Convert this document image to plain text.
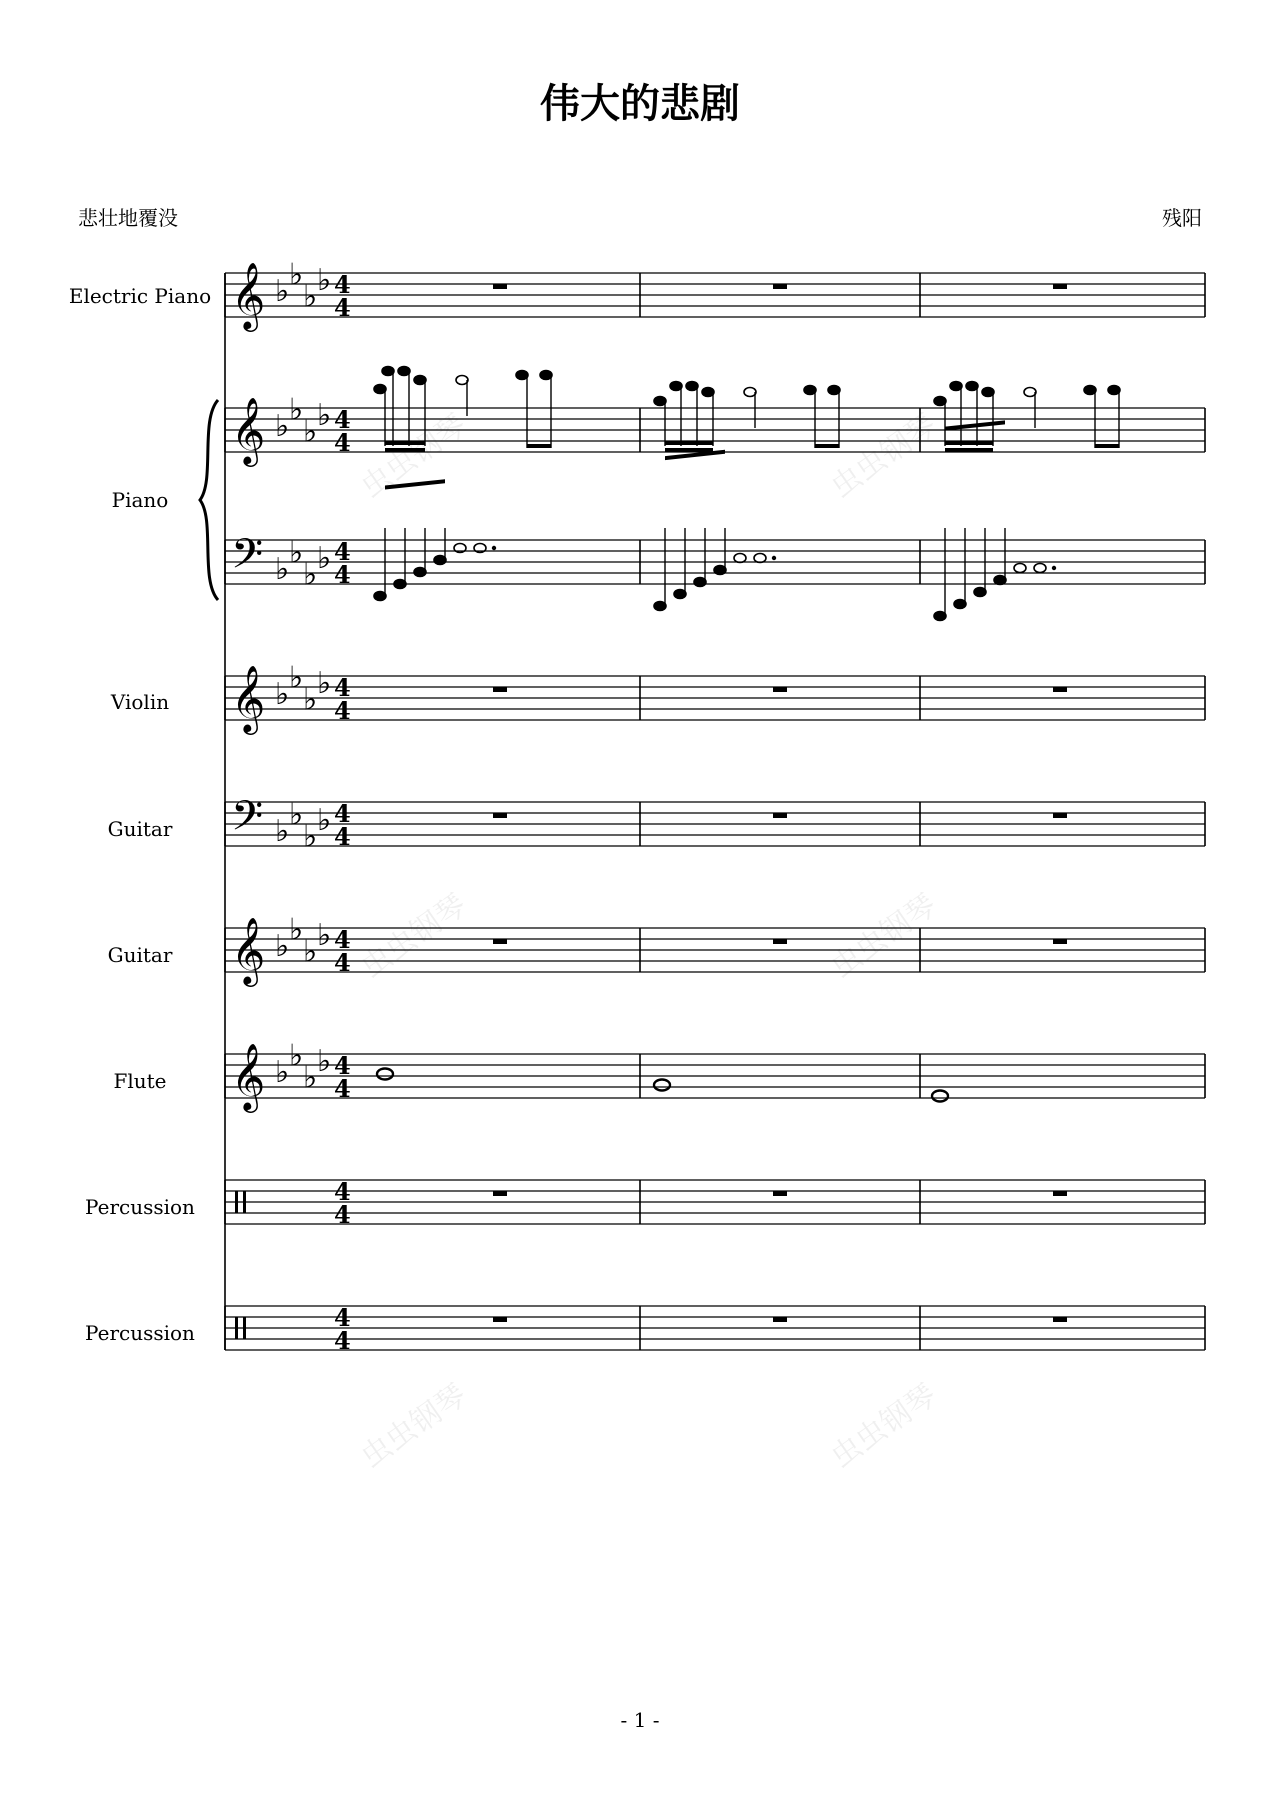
伟大的悲剧
悲壮地覆没	残阳
Electric Piano
Piano
Violin
Guitar
Guitar
Flute
Percussion
Percussion
𝄞 ♭ ♭
♭ ♭ 4
4
𝄞 ♭ ♭
♭ ♭ 4
4
𝄢 ♭ ♭
♭ ♭ 4
4
𝄞 ♭ ♭
♭ ♭ 4
4
𝄢 ♭ ♭
♭ ♭ 4
4
𝄞 ♭ ♭
♭ ♭ 4
4
𝄞 ♭ ♭
♭ ♭ 4
4
4
4
4
4
虫虫钢琴	虫虫钢琴
虫虫钢琴	虫虫钢琴
虫虫钢琴	虫虫钢琴
- 1 -
